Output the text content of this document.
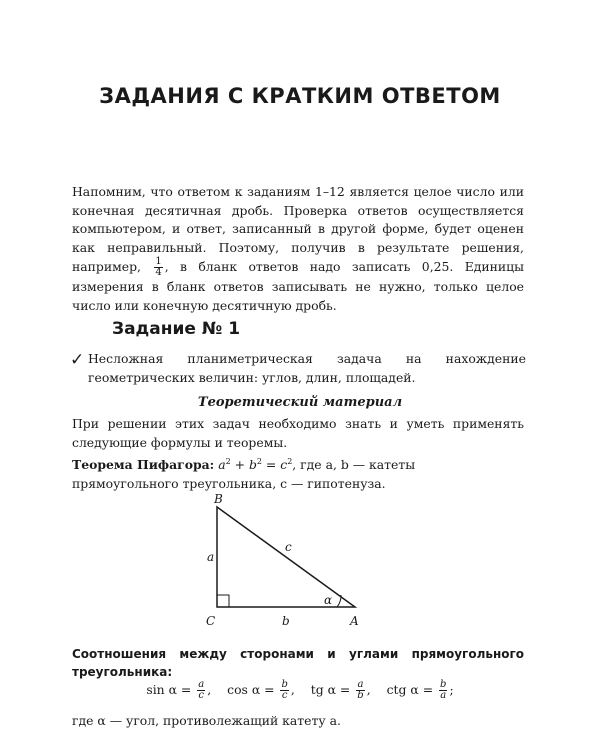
ЗАДАНИЯ С КРАТКИМ ОТВЕТОМ
Напомним, что ответом к заданиям 1–12 является целое число или конечная десятичная дробь. Проверка ответов осуществляется компьютером, и ответ, записанный в другой форме, будет оценен как неправильный. Поэтому, получив в результате решения, например, $\frac{1}{4}$ , в бланк ответов надо записать 0,25. Единицы измерения в бланк ответов записывать не нужно, только целое число или конечную десятичную дробь.
Задание № 1
✓ Несложная планиметрическая задача на нахождение геометрических величин: углов, длин, площадей.
Теоретический материал
При решении этих задач необходимо знать и уметь применять следующие формулы и теоремы.
Теорема Пифагора: $a^2 + b^2 = c^2$, где a, b — катеты прямоугольного треугольника, c — гипотенуза.
B
C	A
a
b
c
α
Соотношения между сторонами и углами прямоугольного треугольника:
$\sin \alpha = \frac{a}{c}$ , $\cos \alpha = \frac{b}{c}$ , tg $\alpha = \frac{a}{b}$ , ctg $\alpha = \frac{b}{a}$ ;
где α — угол, противолежащий катету a.
